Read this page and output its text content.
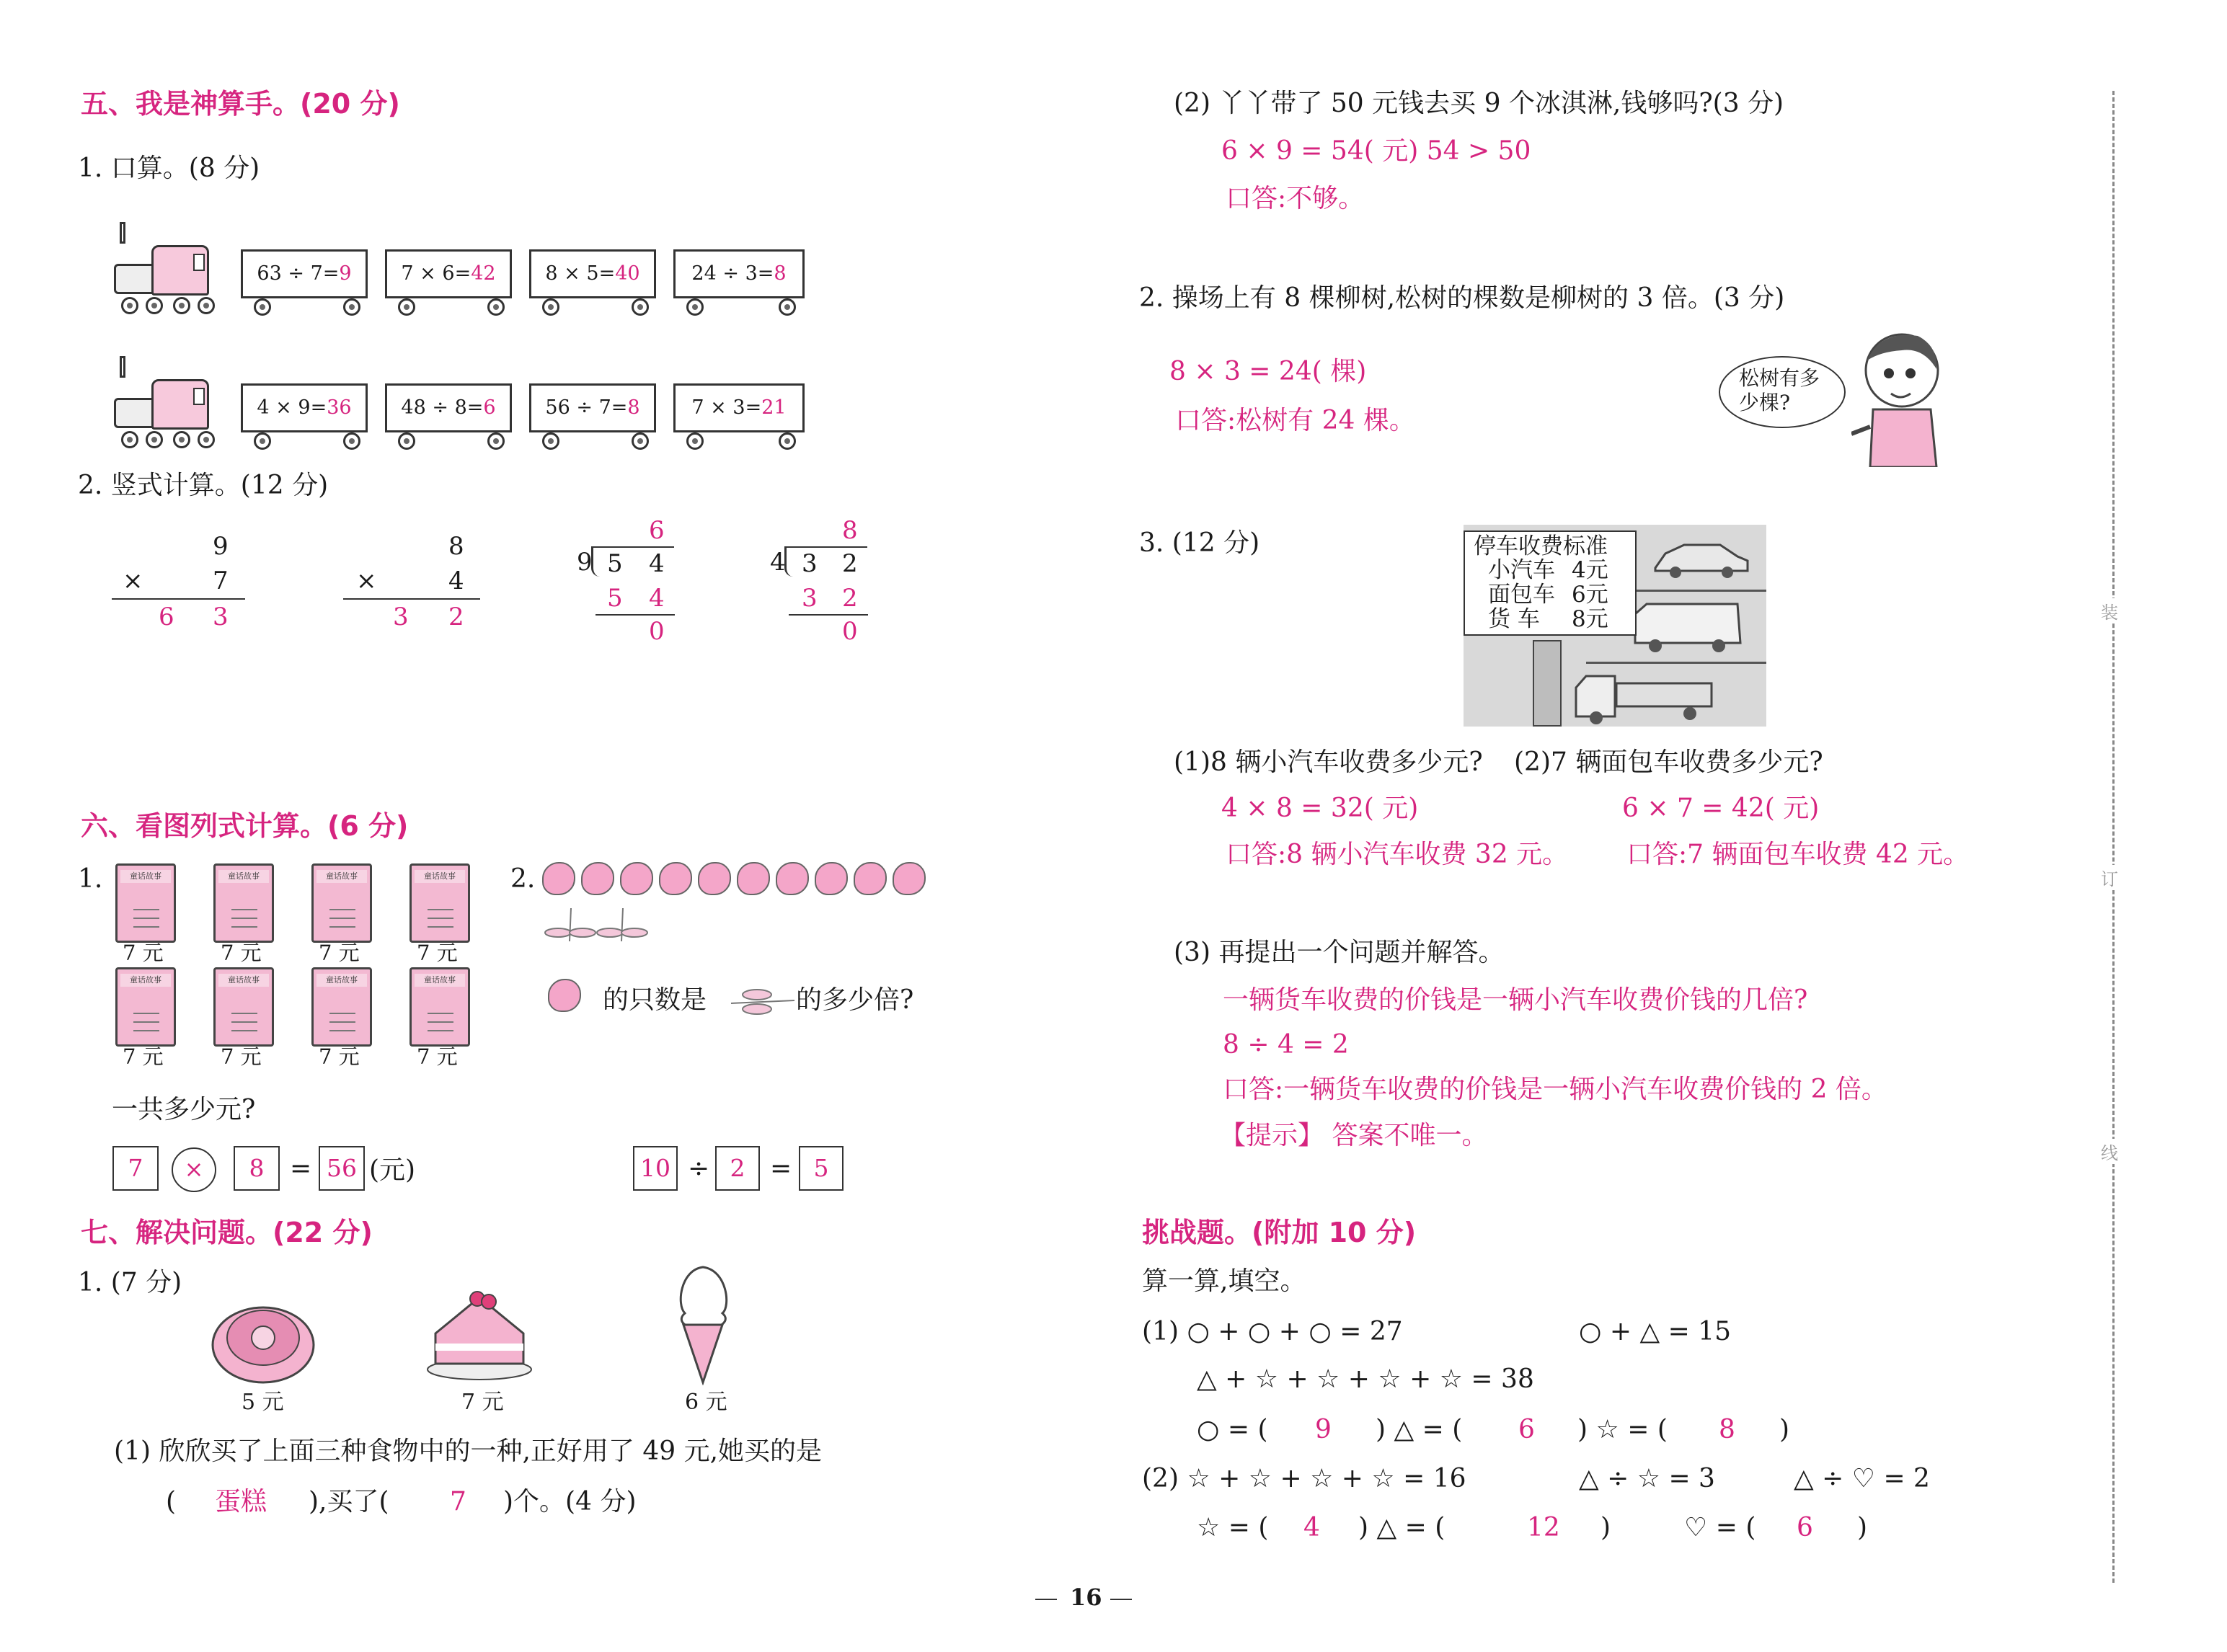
五、我是神算手。(20 分)
1. 口算。(8 分)
63 ÷ 7=9	7 × 6=42	8 × 5=40	24 ÷ 3=8
4 × 9=36	48 ÷ 8=6	56 ÷ 7=8	7 × 3=21
2. 竖式计算。(12 分)
9
×	7
6 3
8
×	4
3 2
6
9 5 4
5 4
0
8
4 3 2
3 2
0
六、看图列式计算。(6 分)
1.	童话故事
7 元
童话故事
7 元
童话故事
7 元
童话故事
7 元
童话故事
7 元
童话故事
7 元
童话故事
7 元
童话故事
7 元
一共多少元?
7	×	8 = 56 (元)
2.
的只数是	的多少倍?
10 ÷ 2 = 5
七、解决问题。(22 分)
1. (7 分)
5 元	7 元	6 元
(1) 欣欣买了上面三种食物中的一种,正好用了 49 元,她买的是
( 蛋糕 ),买了( 7 )个。(4 分)
(2) 丫丫带了 50 元钱去买 9 个冰淇淋,钱够吗?(3 分)
6 × 9 = 54( 元) 54 > 50
口答:不够。
2. 操场上有 8 棵柳树,松树的棵数是柳树的 3 倍。(3 分)
8 × 3 = 24( 棵)
口答:松树有 24 棵。
松树有多
少棵?
3. (12 分)	停车收费标准
小汽车 4元
面包车 6元
货 车 8元
(1)8 辆小汽车收费多少元? (2)7 辆面包车收费多少元?
4 × 8 = 32( 元)
口答:8 辆小汽车收费 32 元。
6 × 7 = 42( 元)
口答:7 辆面包车收费 42 元。
(3) 再提出一个问题并解答。
一辆货车收费的价钱是一辆小汽车收费价钱的几倍?
8 ÷ 4 = 2
口答:一辆货车收费的价钱是一辆小汽车收费价钱的 2 倍。
【提示】 答案不唯一。
挑战题。(附加 10 分)
算一算,填空。
(1) ○ + ○ + ○ = 27	○ + △ = 15
△ + ☆ + ☆ + ☆ + ☆ = 38
○ = ( 9 ) △ = ( 6 ) ☆ = ( 8 )
(2) ☆ + ☆ + ☆ + ☆ = 16	△ ÷ ☆ = 3	△ ÷ ♡ = 2
☆ = ( 4 ) △ = (	12 )	♡ = ( 6 )
装
订
线
16
